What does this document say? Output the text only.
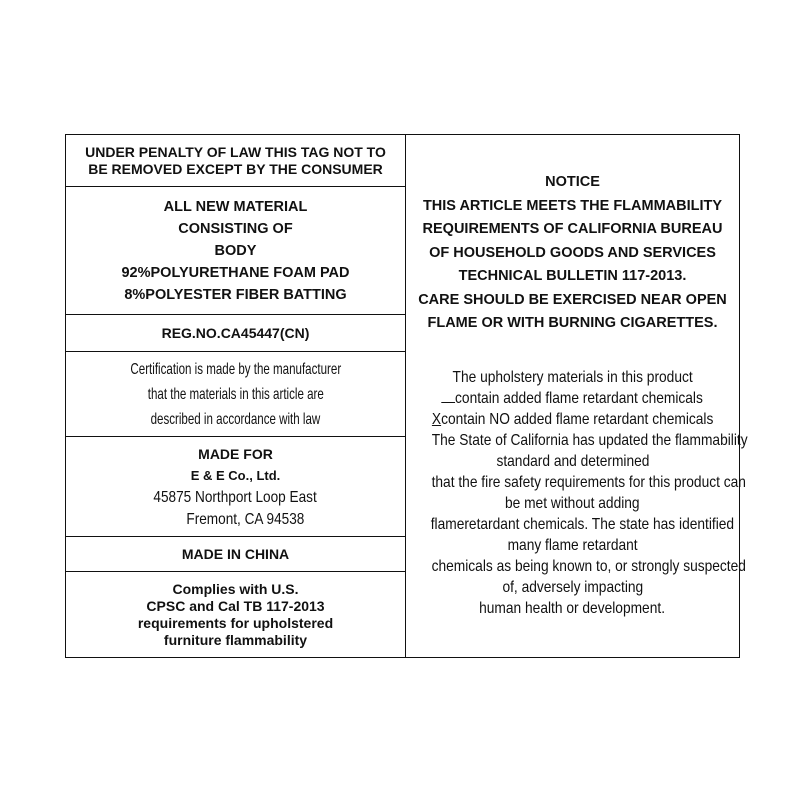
UNDER PENALTY OF LAW THIS TAG NOT TO
BE REMOVED EXCEPT BY THE CONSUMER
ALL NEW MATERIAL
CONSISTING OF
BODY
92%POLYURETHANE FOAM PAD
8%POLYESTER FIBER BATTING
REG.NO.CA45447(CN)
Certification is made by the manufacturer
that the materials in this article are
described in accordance with law
MADE FOR
E & E Co., Ltd.
45875 Northport Loop East
Fremont, CA 94538
MADE IN CHINA
Complies with U.S.
CPSC and Cal TB 117-2013
requirements for upholstered
furniture flammability
NOTICE
THIS ARTICLE MEETS THE FLAMMABILITY
REQUIREMENTS OF CALIFORNIA BUREAU
OF HOUSEHOLD GOODS AND SERVICES
TECHNICAL BULLETIN 117-2013.
CARE SHOULD BE EXERCISED NEAR OPEN
FLAME OR WITH BURNING CIGARETTES.
The upholstery materials in this product
contain added flame retardant chemicals
Xcontain NO added flame retardant chemicals
The State of California has updated the flammability
standard and determined
that the fire safety requirements for this product can
be met without adding
flameretardant chemicals. The state has identified
many flame retardant
chemicals as being known to, or strongly suspected
of, adversely impacting
human health or development.
